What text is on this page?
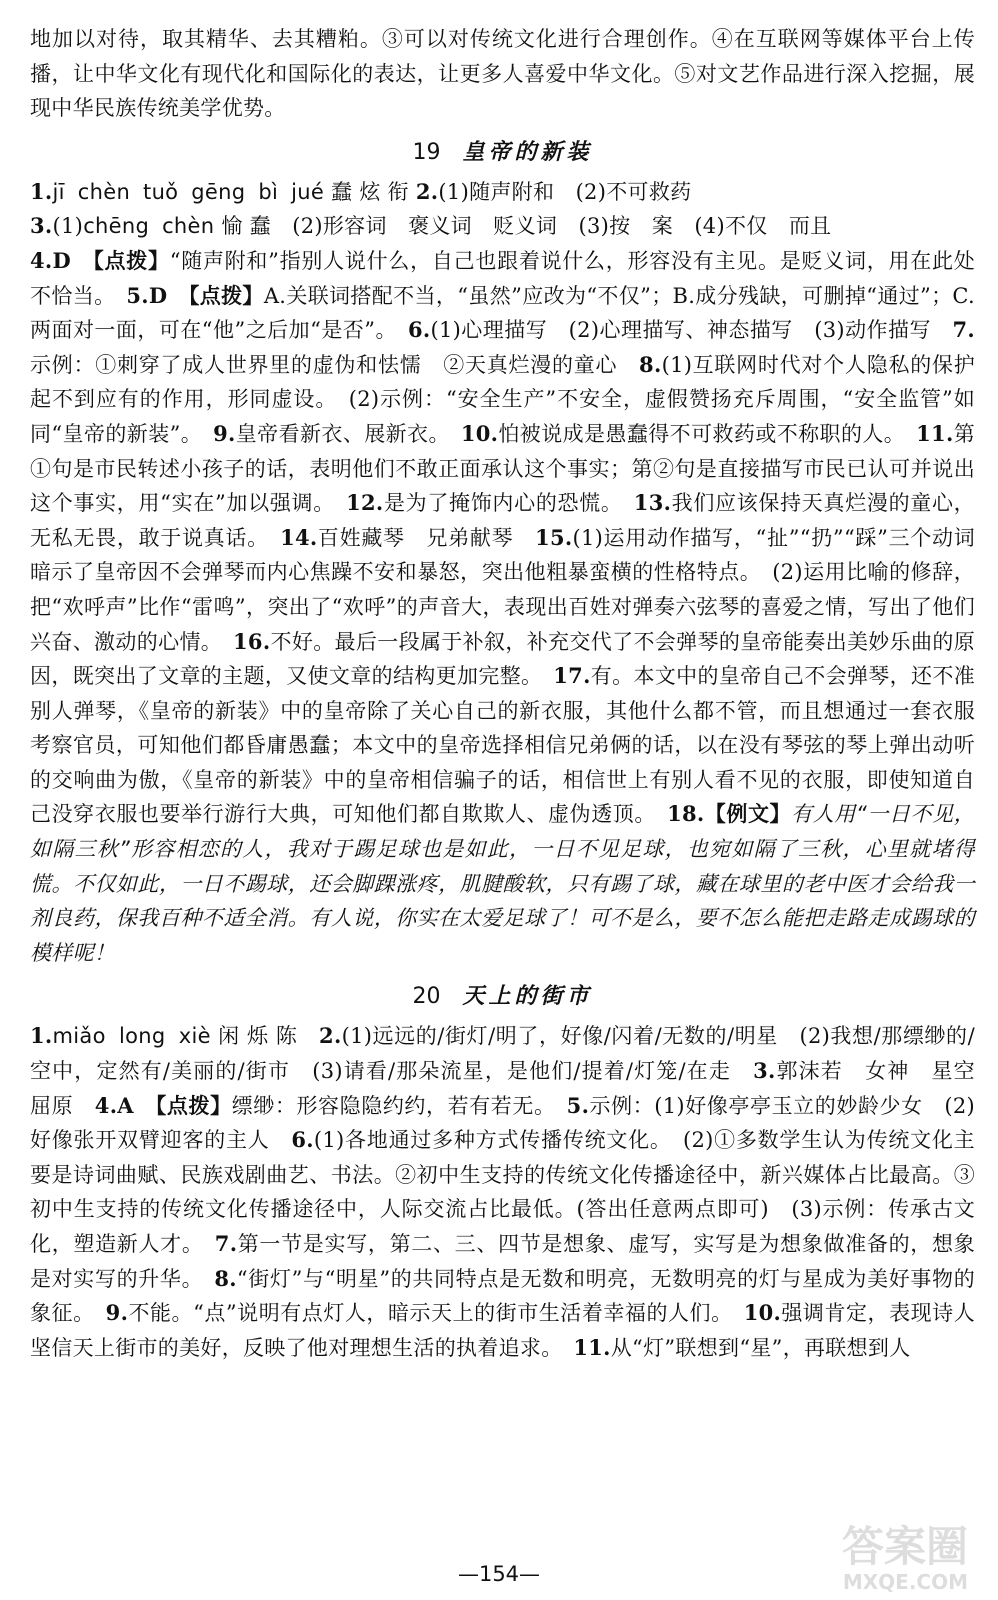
地加以对待，取其精华、去其糟粕。③可以对传统文化进行合理创作。④在互联网等媒体平台上传播，让中华文化有现代化和国际化的表达，让更多人喜爱中华文化。⑤对文艺作品进行深入挖掘，展现中华民族传统美学优势。

19 皇帝的新装

1.jī chèn tuǒ gēng bì jué 蠢 炫 衔 2.(1)随声附和　(2)不可救药
3.(1)chēng chèn 愉 蠢　(2)形容词　褒义词　贬义词　(3)按　案　(4)不仅　而且
4.D　 【点拨】“随声附和”指别人说什么，自己也跟着说什么，形容没有主见。是贬义词，用在此处不恰当。　5.D　 【点拨】A.关联词搭配不当，“虽然”应改为“不仅”；B.成分残缺，可删掉“通过”；C.两面对一面，可在“他”之后加“是否”。　6.(1)心理描写　(2)心理描写、神态描写　(3)动作描写　7.示例：①刺穿了成人世界里的虚伪和怯懦　②天真烂漫的童心　8.(1)互联网时代对个人隐私的保护起不到应有的作用，形同虚设。　(2)示例：“安全生产”不安全，虚假赞扬充斥周围，“安全监管”如同“皇帝的新装”。　9.皇帝看新衣、展新衣。　10.怕被说成是愚蠢得不可救药或不称职的人。　11.第①句是市民转述小孩子的话，表明他们不敢正面承认这个事实；第②句是直接描写市民已认可并说出这个事实，用“实在”加以强调。　12.是为了掩饰内心的恐慌。　13.我们应该保持天真烂漫的童心，无私无畏，敢于说真话。　14.百姓藏琴　兄弟献琴　15.(1)运用动作描写，“扯”“扔”“踩”三个动词暗示了皇帝因不会弹琴而内心焦躁不安和暴怒，突出他粗暴蛮横的性格特点。　(2)运用比喻的修辞，把“欢呼声”比作“雷鸣”，突出了“欢呼”的声音大，表现出百姓对弹奏六弦琴的喜爱之情，写出了他们兴奋、激动的心情。　16.不好。最后一段属于补叙，补充交代了不会弹琴的皇帝能奏出美妙乐曲的原因，既突出了文章的主题，又使文章的结构更加完整。　17.有。本文中的皇帝自己不会弹琴，还不准别人弹琴，《皇帝的新装》中的皇帝除了关心自己的新衣服，其他什么都不管，而且想通过一套衣服考察官员，可知他们都昏庸愚蠢；本文中的皇帝选择相信兄弟俩的话，以在没有琴弦的琴上弹出动听的交响曲为傲，《皇帝的新装》中的皇帝相信骗子的话，相信世上有别人看不见的衣服，即使知道自己没穿衣服也要举行游行大典，可知他们都自欺欺人、虚伪透顶。　18.【例文】有人用“一日不见，如隔三秋”形容相恋的人，我对于踢足球也是如此，一日不见足球，也宛如隔了三秋，心里就堵得慌。不仅如此，一日不踢球，还会脚踝涨疼，肌腱酸软，只有踢了球，藏在球里的老中医才会给我一剂良药，保我百种不适全消。有人说，你实在太爱足球了！可不是么，要不怎么能把走路走成踢球的模样呢！

20 天上的街市

1.miǎo long xiè 闲 烁 陈　2.(1)远远的/街灯/明了，好像/闪着/无数的/明星　(2)我想/那缥缈的/空中，定然有/美丽的/街市　(3)请看/那朵流星，是他们/提着/灯笼/在走　3.郭沫若　女神　星空　屈原　4.A　 【点拨】缥缈：形容隐隐约约，若有若无。　5.示例：(1)好像亭亭玉立的妙龄少女　(2)好像张开双臂迎客的主人　6.(1)各地通过多种方式传播传统文化。　(2)①多数学生认为传统文化主要是诗词曲赋、民族戏剧曲艺、书法。②初中生支持的传统文化传播途径中，新兴媒体占比最高。③初中生支持的传统文化传播途径中，人际交流占比最低。(答出任意两点即可)　(3)示例：传承古文化，塑造新人才。　7.第一节是实写，第二、三、四节是想象、虚写，实写是为想象做准备的，想象是对实写的升华。　8.“街灯”与“明星”的共同特点是无数和明亮，无数明亮的灯与星成为美好事物的象征。　9.不能。“点”说明有点灯人，暗示天上的街市生活着幸福的人们。　10.强调肯定，表现诗人坚信天上街市的美好，反映了他对理想生活的执着追求。　11.从“灯”联想到“星”，再联想到人

—154—
答案圈
MXQE.COM
